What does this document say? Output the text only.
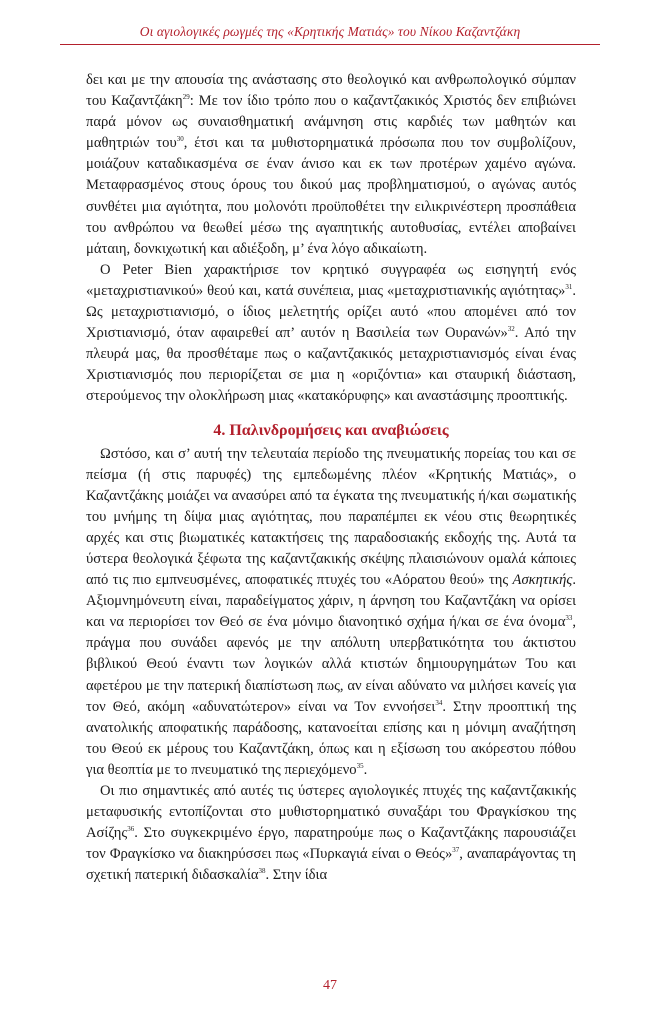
Οι αγιολογικές ρωγμές της «Κρητικής Ματιάς» του Νίκου Καζαντζάκη

δει και με την απουσία της ανάστασης στο θεολογικό και ανθρωπολογικό σύμπαν του Καζαντζάκη$^{29}$: Με τον ίδιο τρόπο που ο καζαντζακικός Χριστός δεν επιβιώνει παρά μόνον ως συναισθηματική ανάμνηση στις καρδιές των μαθητών και μαθητριών του$^{30}$, έτσι και τα μυθιστορηματικά πρόσωπα που τον συμβολίζουν, μοιάζουν καταδικασμένα σε έναν άνισο και εκ των προτέρων χαμένο αγώνα. Μεταφρασμένος στους όρους του δικού μας προβληματισμού, ο αγώνας αυτός συνθέτει μια αγιότητα, που μολονότι προϋποθέτει την ειλικρινέστερη προσπάθεια του ανθρώπου να θεωθεί μέσω της αγαπητικής αυτοθυσίας, εντέλει αποβαίνει μάταιη, δονκιχωτική και αδιέξοδη, μ’ ένα λόγο αδικαίωτη.

Ο Peter Bien χαρακτήρισε τον κρητικό συγγραφέα ως εισηγητή ενός «μεταχριστιανικού» θεού και, κατά συνέπεια, μιας «μεταχριστιανικής αγιότητας»$^{31}$. Ως μεταχριστιανισμό, ο ίδιος μελετητής ορίζει αυτό «που απομένει από τον Χριστιανισμό, όταν αφαιρεθεί απ’ αυτόν η Βασιλεία των Ουρανών»$^{32}$. Από την πλευρά μας, θα προσθέταμε πως ο καζαντζακικός μεταχριστιανισμός είναι ένας Χριστιανισμός που περιορίζεται σε μια η «οριζόντια» και σταυρική διάσταση, στερούμενος την ολοκλήρωση μιας «κατακόρυφης» και αναστάσιμης προοπτικής.

4. Παλινδρομήσεις και αναβιώσεις

Ωστόσο, και σ’ αυτή την τελευταία περίοδο της πνευματικής πορείας του και σε πείσμα (ή στις παρυφές) της εμπεδωμένης πλέον «Κρητικής Ματιάς», ο Καζαντζάκης μοιάζει να ανασύρει από τα έγκατα της πνευματικής ή/και σωματικής του μνήμης τη δίψα μιας αγιότητας, που παραπέμπει εκ νέου στις θεωρητικές αρχές και στις βιωματικές κατακτήσεις της παραδοσιακής εκδοχής της. Αυτά τα ύστερα θεολογικά ξέφωτα της καζαντζακικής σκέψης πλαισιώνουν ομαλά κάποιες από τις πιο εμπνευσμένες, αποφατικές πτυχές του «Αόρατου θεού» της Ασκητικής. Αξιομνημόνευτη είναι, παραδείγματος χάριν, η άρνηση του Καζαντζάκη να ορίσει και να περιορίσει τον Θεό σε ένα μόνιμο διανοητικό σχήμα ή/και σε ένα όνομα$^{33}$, πράγμα που συνάδει αφενός με την απόλυτη υπερβατικότητα του άκτιστου βιβλικού Θεού έναντι των λογικών αλλά κτιστών δημιουργημάτων Του και αφετέρου με την πατερική διαπίστωση πως, αν είναι αδύνατο να μιλήσει κανείς για τον Θεό, ακόμη «αδυνατώτερον» είναι να Τον εννοήσει$^{34}$. Στην προοπτική της ανατολικής αποφατικής παράδοσης, κατανοείται επίσης και η μόνιμη αναζήτηση του Θεού εκ μέρους του Καζαντζάκη, όπως και η εξίσωση του ακόρεστου πόθου για θεοπτία με το πνευματικό της περιεχόμενο$^{35}$.

Οι πιο σημαντικές από αυτές τις ύστερες αγιολογικές πτυχές της καζαντζακικής μεταφυσικής εντοπίζονται στο μυθιστορηματικό συναξάρι του Φραγκίσκου της Ασίζης$^{36}$. Στο συγκεκριμένο έργο, παρατηρούμε πως ο Καζαντζάκης παρουσιάζει τον Φραγκίσκο να διακηρύσσει πως «Πυρκαγιά είναι ο Θεός»$^{37}$, αναπαράγοντας τη σχετική πατερική διδασκαλία$^{38}$. Στην ίδια

47
